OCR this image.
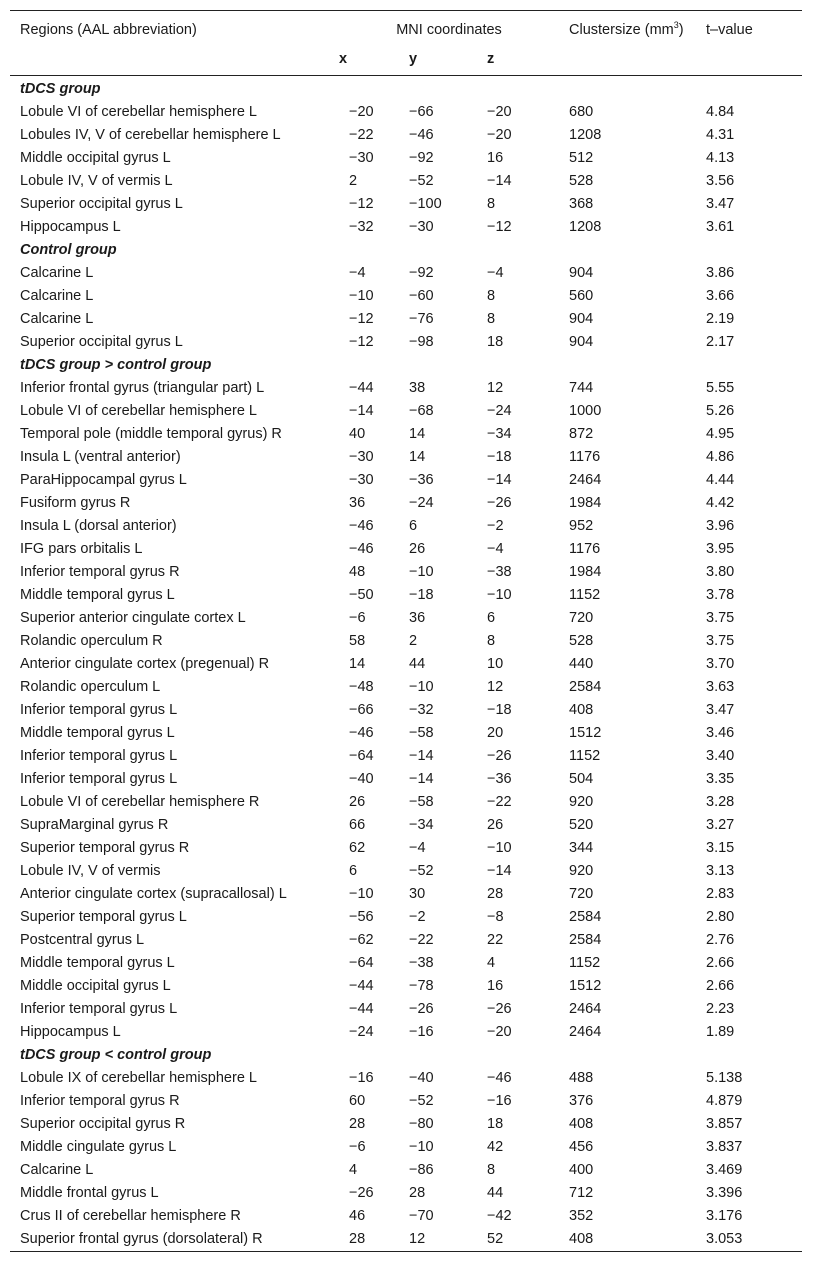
Regions (AAL abbreviation)	MNI coordinates			Clustersize $(mm^3)$	t–value
	x	y	z		
tDCS group					
Lobule VI of cerebellar hemisphere L	−20	−66	−20	680	4.84
Lobules IV, V of cerebellar hemisphere L	−22	−46	−20	1208	4.31
Middle occipital gyrus L	−30	−92	16	512	4.13
Lobule IV, V of vermis L	2	−52	−14	528	3.56
Superior occipital gyrus L	−12	−100	8	368	3.47
Hippocampus L	−32	−30	−12	1208	3.61
Control group					
Calcarine L	−4	−92	−4	904	3.86
Calcarine L	−10	−60	8	560	3.66
Calcarine L	−12	−76	8	904	2.19
Superior occipital gyrus L	−12	−98	18	904	2.17
tDCS group > control group					
Inferior frontal gyrus (triangular part) L	−44	38	12	744	5.55
Lobule VI of cerebellar hemisphere L	−14	−68	−24	1000	5.26
Temporal pole (middle temporal gyrus) R	40	14	−34	872	4.95
Insula L (ventral anterior)	−30	14	−18	1176	4.86
ParaHippocampal gyrus L	−30	−36	−14	2464	4.44
Fusiform gyrus R	36	−24	−26	1984	4.42
Insula L (dorsal anterior)	−46	6	−2	952	3.96
IFG pars orbitalis L	−46	26	−4	1176	3.95
Inferior temporal gyrus R	48	−10	−38	1984	3.80
Middle temporal gyrus L	−50	−18	−10	1152	3.78
Superior anterior cingulate cortex L	−6	36	6	720	3.75
Rolandic operculum R	58	2	8	528	3.75
Anterior cingulate cortex (pregenual) R	14	44	10	440	3.70
Rolandic operculum L	−48	−10	12	2584	3.63
Inferior temporal gyrus L	−66	−32	−18	408	3.47
Middle temporal gyrus L	−46	−58	20	1512	3.46
Inferior temporal gyrus L	−64	−14	−26	1152	3.40
Inferior temporal gyrus L	−40	−14	−36	504	3.35
Lobule VI of cerebellar hemisphere R	26	−58	−22	920	3.28
SupraMarginal gyrus R	66	−34	26	520	3.27
Superior temporal gyrus R	62	−4	−10	344	3.15
Lobule IV, V of vermis	6	−52	−14	920	3.13
Anterior cingulate cortex (supracallosal) L	−10	30	28	720	2.83
Superior temporal gyrus L	−56	−2	−8	2584	2.80
Postcentral gyrus L	−62	−22	22	2584	2.76
Middle temporal gyrus L	−64	−38	4	1152	2.66
Middle occipital gyrus L	−44	−78	16	1512	2.66
Inferior temporal gyrus L	−44	−26	−26	2464	2.23
Hippocampus L	−24	−16	−20	2464	1.89
tDCS group < control group					
Lobule IX of cerebellar hemisphere L	−16	−40	−46	488	5.138
Inferior temporal gyrus R	60	−52	−16	376	4.879
Superior occipital gyrus R	28	−80	18	408	3.857
Middle cingulate gyrus L	−6	−10	42	456	3.837
Calcarine L	4	−86	8	400	3.469
Middle frontal gyrus L	−26	28	44	712	3.396
Crus II of cerebellar hemisphere R	46	−70	−42	352	3.176
Superior frontal gyrus (dorsolateral) R	28	12	52	408	3.053
